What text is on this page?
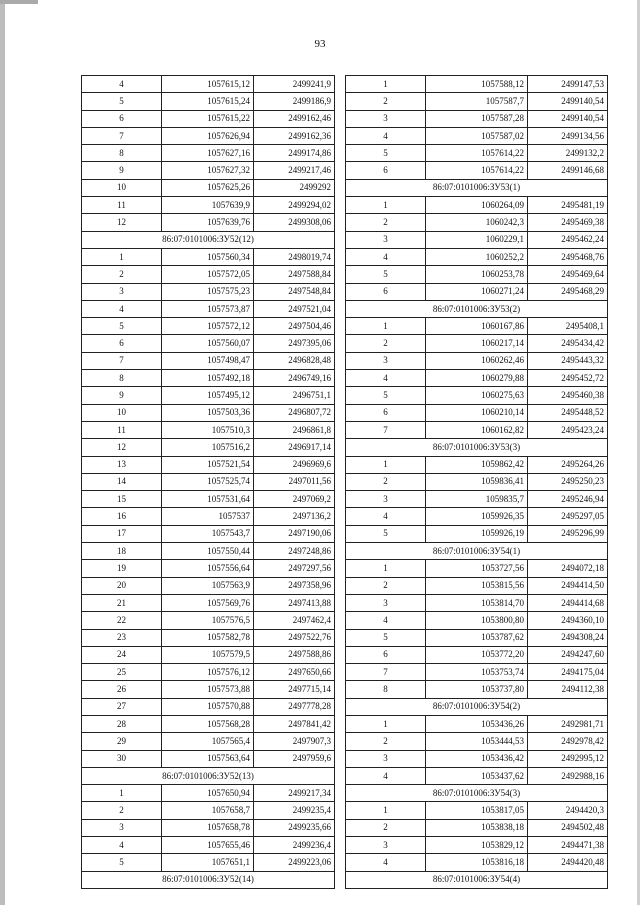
93
4	1057615,12	2499241,9
5	1057615,24	2499186,9
6	1057615,22	2499162,46
7	1057626,94	2499162,36
8	1057627,16	2499174,86
9	1057627,32	2499217,46
10	1057625,26	2499292
11	1057639,9	2499294,02
12	1057639,76	2499308,06
86:07:0101006:ЗУ52(12)		
1	1057560,34	2498019,74
2	1057572,05	2497588,84
3	1057575,23	2497548,84
4	1057573,87	2497521,04
5	1057572,12	2497504,46
6	1057560,07	2497395,06
7	1057498,47	2496828,48
8	1057492,18	2496749,16
9	1057495,12	2496751,1
10	1057503,36	2496807,72
11	1057510,3	2496861,8
12	1057516,2	2496917,14
13	1057521,54	2496969,6
14	1057525,74	2497011,56
15	1057531,64	2497069,2
16	1057537	2497136,2
17	1057543,7	2497190,06
18	1057550,44	2497248,86
19	1057556,64	2497297,56
20	1057563,9	2497358,96
21	1057569,76	2497413,88
22	1057576,5	2497462,4
23	1057582,78	2497522,76
24	1057579,5	2497588,86
25	1057576,12	2497650,66
26	1057573,88	2497715,14
27	1057570,88	2497778,28
28	1057568,28	2497841,42
29	1057565,4	2497907,3
30	1057563,64	2497959,6
86:07:0101006:ЗУ52(13)		
1	1057650,94	2499217,34
2	1057658,7	2499235,4
3	1057658,78	2499235,66
4	1057655,46	2499236,4
5	1057651,1	2499223,06
86:07:0101006:ЗУ52(14)		
1	1057588,12	2499147,53
2	1057587,7	2499140,54
3	1057587,28	2499140,54
4	1057587,02	2499134,56
5	1057614,22	2499132,2
6	1057614,22	2499146,68
86:07:0101006:ЗУ53(1)		
1	1060264,09	2495481,19
2	1060242,3	2495469,38
3	1060229,1	2495462,24
4	1060252,2	2495468,76
5	1060253,78	2495469,64
6	1060271,24	2495468,29
86:07:0101006:ЗУ53(2)		
1	1060167,86	2495408,1
2	1060217,14	2495434,42
3	1060262,46	2495443,32
4	1060279,88	2495452,72
5	1060275,63	2495460,38
6	1060210,14	2495448,52
7	1060162,82	2495423,24
86:07:0101006:ЗУ53(3)		
1	1059862,42	2495264,26
2	1059836,41	2495250,23
3	1059835,7	2495246,94
4	1059926,35	2495297,05
5	1059926,19	2495296,99
86:07:0101006:ЗУ54(1)		
1	1053727,56	2494072,18
2	1053815,56	2494414,50
3	1053814,70	2494414,68
4	1053800,80	2494360,10
5	1053787,62	2494308,24
6	1053772,20	2494247,60
7	1053753,74	2494175,04
8	1053737,80	2494112,38
86:07:0101006:ЗУ54(2)		
1	1053436,26	2492981,71
2	1053444,53	2492978,42
3	1053436,42	2492995,12
4	1053437,62	2492988,16
86:07:0101006:ЗУ54(3)		
1	1053817,05	2494420,3
2	1053838,18	2494502,48
3	1053829,12	2494471,38
4	1053816,18	2494420,48
86:07:0101006:ЗУ54(4)		
